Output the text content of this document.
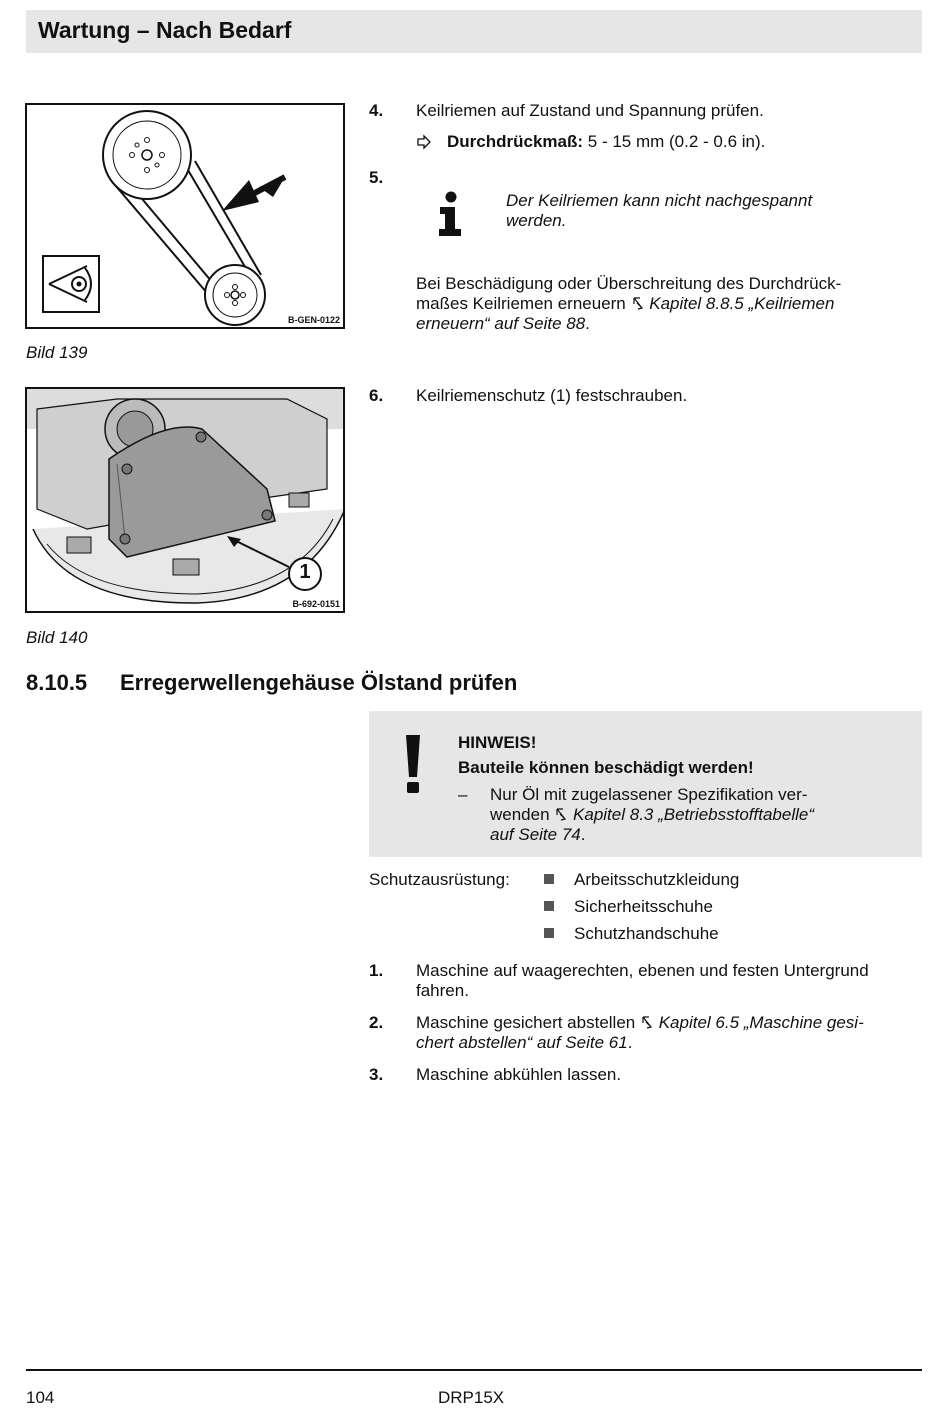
Wartung – Nach Bedarf
B-GEN-0122
Bild 139
1
B-692-0151
Bild 140
4. Keilriemen auf Zustand und Spannung prüfen.
Durchdrückmaß: 5 - 15 mm (0.2 - 0.6 in).
5.
Der Keilriemen kann nicht nachgespannt
werden.
Bei Beschädigung oder Überschreitung des Durchdrück-
maßes Keilriemen erneuern Kapitel 8.8.5 „Keilriemen
erneuern“ auf Seite 88.
6. Keilriemenschutz (1) festschrauben.
8.10.5 Erregerwellengehäuse Ölstand prüfen
HINWEIS!
Bauteile können beschädigt werden!
– Nur Öl mit zugelassener Spezifikation ver-
wenden Kapitel 8.3 „Betriebsstofftabelle“
auf Seite 74.
Schutzausrüstung:	Arbeitsschutzkleidung
Sicherheitsschuhe
Schutzhandschuhe
1. Maschine auf waagerechten, ebenen und festen Untergrund
fahren.
2. Maschine gesichert abstellen Kapitel 6.5 „Maschine gesi-
chert abstellen“ auf Seite 61.
3. Maschine abkühlen lassen.
104	DRP15X
